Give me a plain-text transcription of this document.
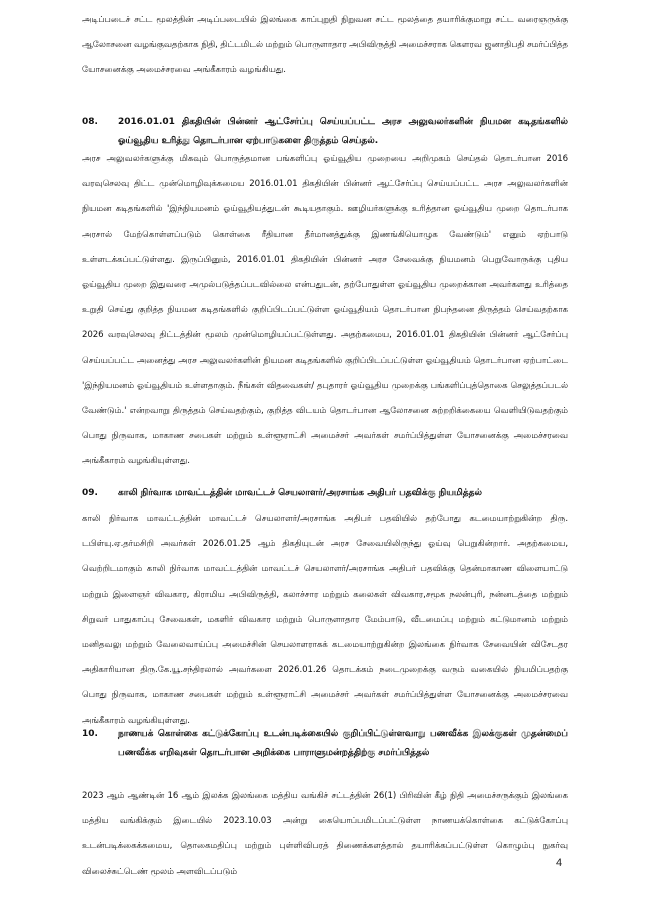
அடிப்படைச் சட்ட மூலத்தின் அடிப்படையில் இலங்கை காப்புறுதி நிறுவன சட்ட மூலத்தை தயாரிக்குமாறு சட்ட வரைஞருக்கு ஆலோசனை வழங்குவதற்காக நிதி, திட்டமிடல் மற்றும் பொருளாதார அபிவிருத்தி அமைச்சராக கௌரவ ஜனாதிபதி சமர்ப்பித்த யோசனைக்கு அமைச்சரவை அங்கீகாரம் வழங்கியது.
08. 2016.01.01 திகதியின் பின்னர் ஆட்சேர்ப்பு செய்யப்பட்ட அரச அலுவலர்களின் நியமன கடிதங்களில் ஓய்வூதிய உரித்து தொடர்பான ஏற்பாடுகளை திருத்தம் செய்தல்.
அரச அலுவலர்களுக்கு மிகவும் பொருத்தமான பங்களிப்பு ஓய்வூதிய முறையை அறிமுகம் செய்தல் தொடர்பான 2016 வரவுசெலவு திட்ட முன்மொழிவுக்கமைய 2016.01.01 திகதியின் பின்னர் ஆட்சேர்ப்பு செய்யப்பட்ட அரச அலுவலர்களின் நியமன கடிதங்களில் 'இந்நியமனம் ஓய்வூதியத்துடன் கூடியதாகும். ஊழியர்களுக்கு உரித்தான ஓய்வூதிய முறை தொடர்பாக அரசால் மேற்கொள்ளப்படும் கொள்கை ரீதியான தீர்மானத்துக்கு இணங்கியொழுக வேண்டும்' எனும் ஏற்பாடு உள்ளடக்கப்பட்டுள்ளது. இருப்பினும், 2016.01.01 திகதியின் பின்னர் அரச சேவைக்கு நியமனம் பெறுவோருக்கு புதிய ஓய்வூதிய முறை இதுவரை அமுல்படுத்தப்படவில்லை என்பதுடன், தற்போதுள்ள ஓய்வூதிய முறைக்கான அவர்களது உரித்தை உறுதி செய்து குறித்த நியமன கடிதங்களில் குறிப்பிடப்பட்டுள்ள ஓய்வூதியம் தொடர்பான நிபந்தனை திருத்தம் செய்வதற்காக 2026 வரவுசெலவு திட்டத்தின் மூலம் முன்மொழியப்பட்டுள்ளது. அதற்கமைய, 2016.01.01 திகதியின் பின்னர் ஆட்சேர்ப்பு செய்யப்பட்ட அனைத்து அரச அலுவலர்களின் நியமன கடிதங்களில் குறிப்பிடப்பட்டுள்ள ஓய்வூதியம் தொடர்பான ஏற்பாட்டை 'இந்நியமனம் ஓய்வூதியம் உள்ளதாகும். நீங்கள் விதவைகள்/ தபுதாரர் ஓய்வூதிய முறைக்கு பங்களிப்புத்தொகை செலுத்தப்படல் வேண்டும்.' என்றவாறு திருத்தம் செய்வதற்கும், குறித்த விடயம் தொடர்பான ஆலோசனை சுற்றறிக்கையை வெளியிடுவதற்கும் பொது நிருவாக, மாகாண சபைகள் மற்றும் உள்ளூராட்சி அமைச்சர் அவர்கள் சமர்ப்பித்துள்ள யோசனைக்கு அமைச்சரவை அங்கீகாரம் வழங்கியுள்ளது.
09. காலி நிர்வாக மாவட்டத்தின் மாவட்டச் செயலாளர்/அரசாங்க அதிபர் பதவிக்கு நியமித்தல்
காலி நிர்வாக மாவட்டத்தின் மாவட்டச் செயலாளர்/அரசாங்க அதிபர் பதவியில் தற்போது கடமையாற்றுகின்ற திரு. டபிள்யு.ஏ.தர்மசிறி அவர்கள் 2026.01.25 ஆம் திகதியுடன் அரச சேவையிலிருந்து ஓய்வு பெறுகின்றார். அதற்கமைய, வெற்றிடமாகும் காலி நிர்வாக மாவட்டத்தின் மாவட்டச் செயலாளர்/அரசாங்க அதிபர் பதவிக்கு தென்மாகாண விளையாட்டு மற்றும் இளைஞர் விவகார, கிராமிய அபிவிருத்தி, கலாச்சார மற்றும் கலைகள் விவகார,சமூக நலன்புரி, நன்னடத்தை மற்றும் சிறுவர் பாதுகாப்பு சேவைகள், மகளிர் விவகார மற்றும் பொருளாதார மேம்பாடு, வீடமைப்பு மற்றும் கட்டுமானம் மற்றும் மனிதவலு மற்றும் வேலைவாய்ப்பு அமைச்சின் செயலாளராகக் கடமையாற்றுகின்ற இலங்கை நிர்வாக சேவையின் விசேடதர அதிகாரியான திரு.கே.யூ.சந்திரலால் அவர்களை 2026.01.26 தொடக்கம் நடைமுறைக்கு வரும் வகையில் நியமிப்பதற்கு பொது நிருவாக, மாகாண சபைகள் மற்றும் உள்ளூராட்சி அமைச்சர் அவர்கள் சமர்ப்பித்துள்ள யோசனைக்கு அமைச்சரவை அங்கீகாரம் வழங்கியுள்ளது.
10. நாணயக் கொள்கை கட்டுக்கோப்பு உடன்படிக்கையில் குறிப்பிட்டுள்ளவாறு பணவீக்க இலக்குகள் முதன்மைப் பணவீக்க எறிவுகள் தொடர்பான அறிக்கை பாராளுமன்றத்திற்கு சமர்ப்பித்தல்
2023 ஆம் ஆண்டின் 16 ஆம் இலக்க இலங்கை மத்திய வங்கிச் சட்டத்தின் 26(1) பிரிவின் கீழ் நிதி அமைச்சருக்கும் இலங்கை மத்திய வங்கிக்கும் இடையில் 2023.10.03 அன்று கையொப்பமிடப்பட்டுள்ள நாணயக்கொள்கை கட்டுக்கோப்பு உடன்படிக்கைக்கமைய, தொகைமதிப்பு மற்றும் புள்ளிவிபரத் திணைக்களத்தால் தயாரிக்கப்பட்டுள்ள கொழும்பு நுகர்வு விலைச்சுட்டெண் மூலம் அளவிடப்படும்
4
